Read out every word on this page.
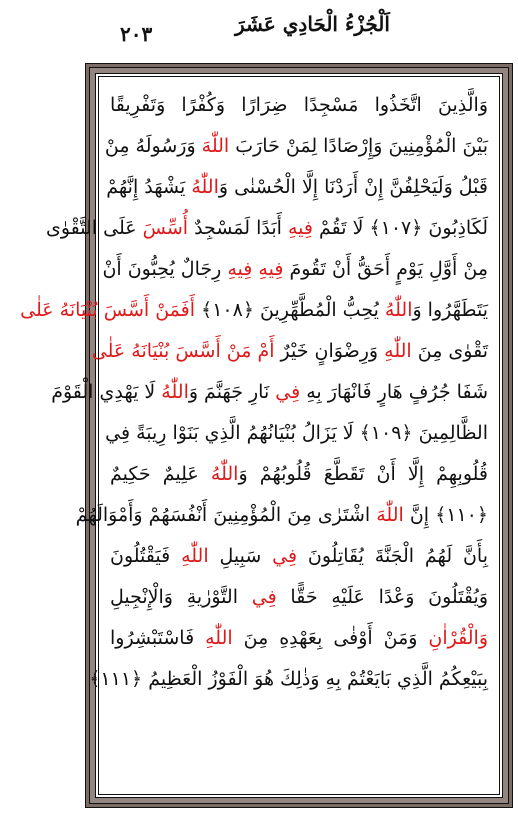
٢٠٣	اَلْجُزْءُ الْحَادِي عَشَرَ
وَالَّذِينَ اتَّخَذُوا مَسْجِدًا ضِرَارًا وَكُفْرًا وَتَفْرِيقًا
بَيْنَ الْمُؤْمِنِينَ وَإِرْصَادًا لِمَنْ حَارَبَ اللّٰهَ وَرَسُولَهُ مِنْ
قَبْلُ وَلَيَحْلِفُنَّ إِنْ أَرَدْنَا إِلَّا الْحُسْنٰى وَاللّٰهُ يَشْهَدُ إِنَّهُمْ
لَكَاذِبُونَ ﴿١٠٧﴾ لَا تَقُمْ فِيهِ أَبَدًا لَمَسْجِدٌ أُسِّسَ عَلَى التَّقْوٰى
مِنْ أَوَّلِ يَوْمٍ أَحَقُّ أَنْ تَقُومَ فِيهِ فِيهِ رِجَالٌ يُحِبُّونَ أَنْ
يَتَطَهَّرُوا وَاللّٰهُ يُحِبُّ الْمُطَّهِّرِينَ ﴿١٠٨﴾ أَفَمَنْ أَسَّسَ بُنْيَانَهُ عَلٰى
تَقْوٰى مِنَ اللّٰهِ وَرِضْوَانٍ خَيْرٌ أَمْ مَنْ أَسَّسَ بُنْيَانَهُ عَلٰى
شَفَا جُرُفٍ هَارٍ فَانْهَارَ بِهِ فِي نَارِ جَهَنَّمَ وَاللّٰهُ لَا يَهْدِي الْقَوْمَ
الظَّالِمِينَ ﴿١٠٩﴾ لَا يَزَالُ بُنْيَانُهُمُ الَّذِي بَنَوْا رِيبَةً فِي
قُلُوبِهِمْ إِلَّا أَنْ تَقَطَّعَ قُلُوبُهُمْ وَاللّٰهُ عَلِيمٌ حَكِيمٌ
﴿١١٠﴾ إِنَّ اللّٰهَ اشْتَرٰى مِنَ الْمُؤْمِنِينَ أَنْفُسَهُمْ وَأَمْوَالَهُمْ
بِأَنَّ لَهُمُ الْجَنَّةَ يُقَاتِلُونَ فِي سَبِيلِ اللّٰهِ فَيَقْتُلُونَ
وَيُقْتَلُونَ وَعْدًا عَلَيْهِ حَقًّا فِي التَّوْرٰيةِ وَالْإِنْجِيلِ
وَالْقُرْاٰنِ وَمَنْ أَوْفٰى بِعَهْدِهِ مِنَ اللّٰهِ فَاسْتَبْشِرُوا
بِبَيْعِكُمُ الَّذِي بَايَعْتُمْ بِهِ وَذٰلِكَ هُوَ الْفَوْزُ الْعَظِيمُ ﴿١١١﴾
